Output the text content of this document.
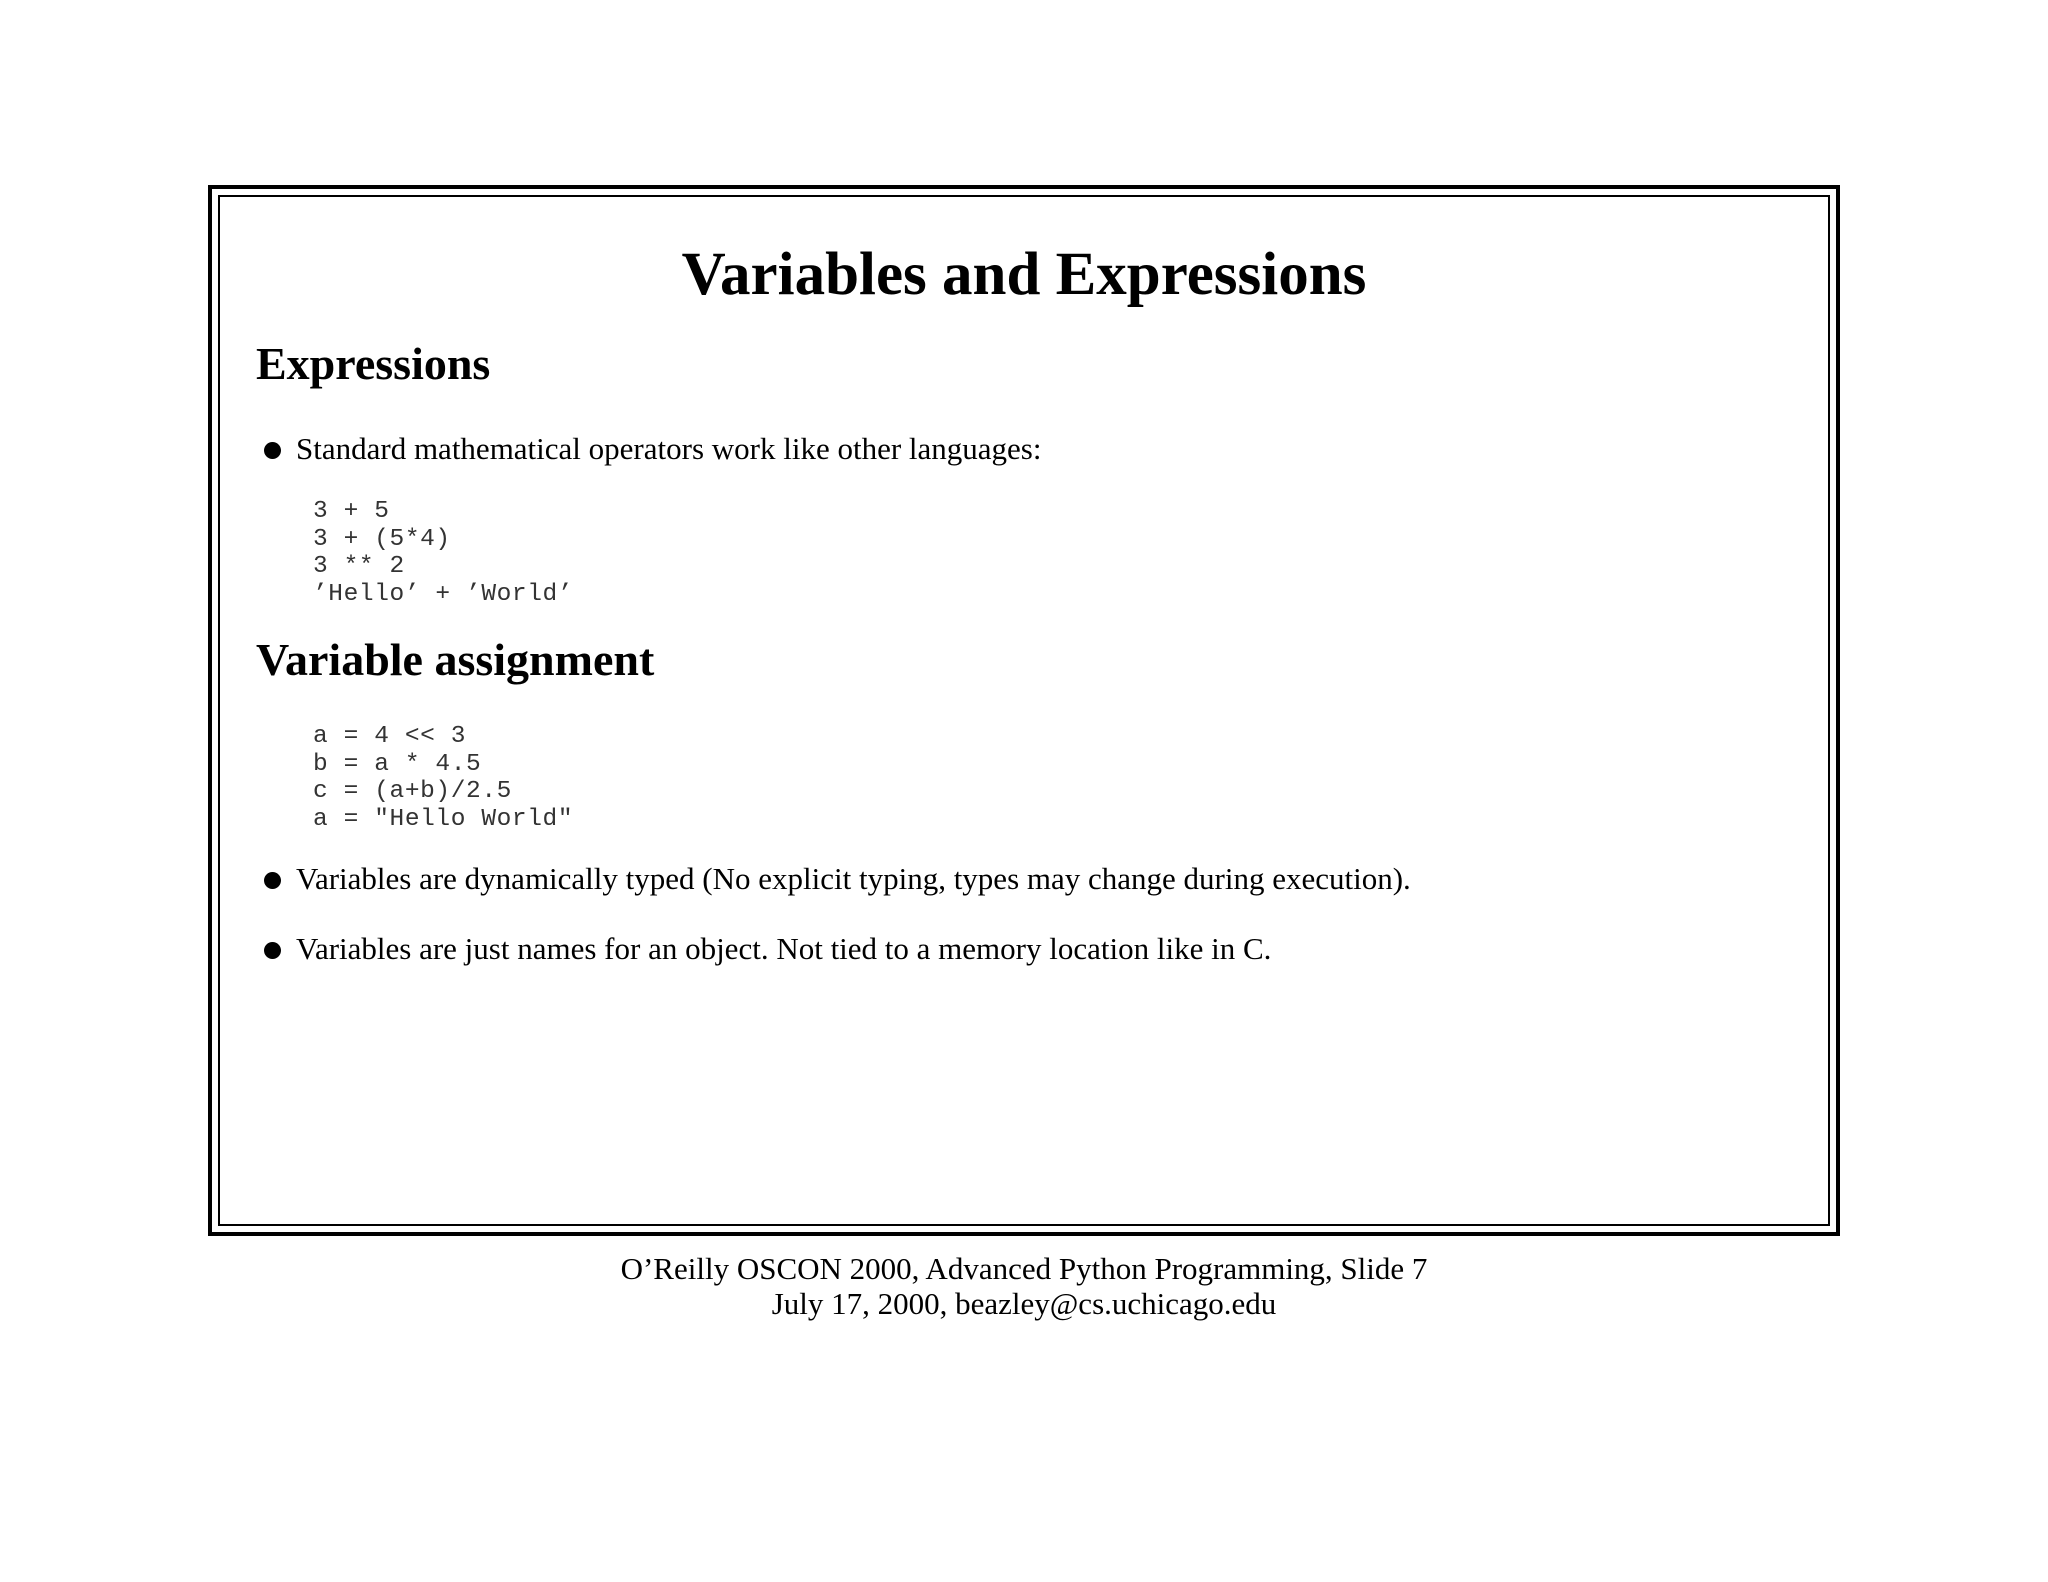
Variables and Expressions
Expressions
Standard mathematical operators work like other languages:
3 + 5
3 + (5*4)
3 ** 2
’Hello’ + ’World’
Variable assignment
a = 4 << 3
b = a * 4.5
c = (a+b)/2.5
a = "Hello World"
Variables are dynamically typed (No explicit typing, types may change during execution).
Variables are just names for an object. Not tied to a memory location like in C.
O’Reilly OSCON 2000, Advanced Python Programming, Slide 7
July 17, 2000, beazley@cs.uchicago.edu
